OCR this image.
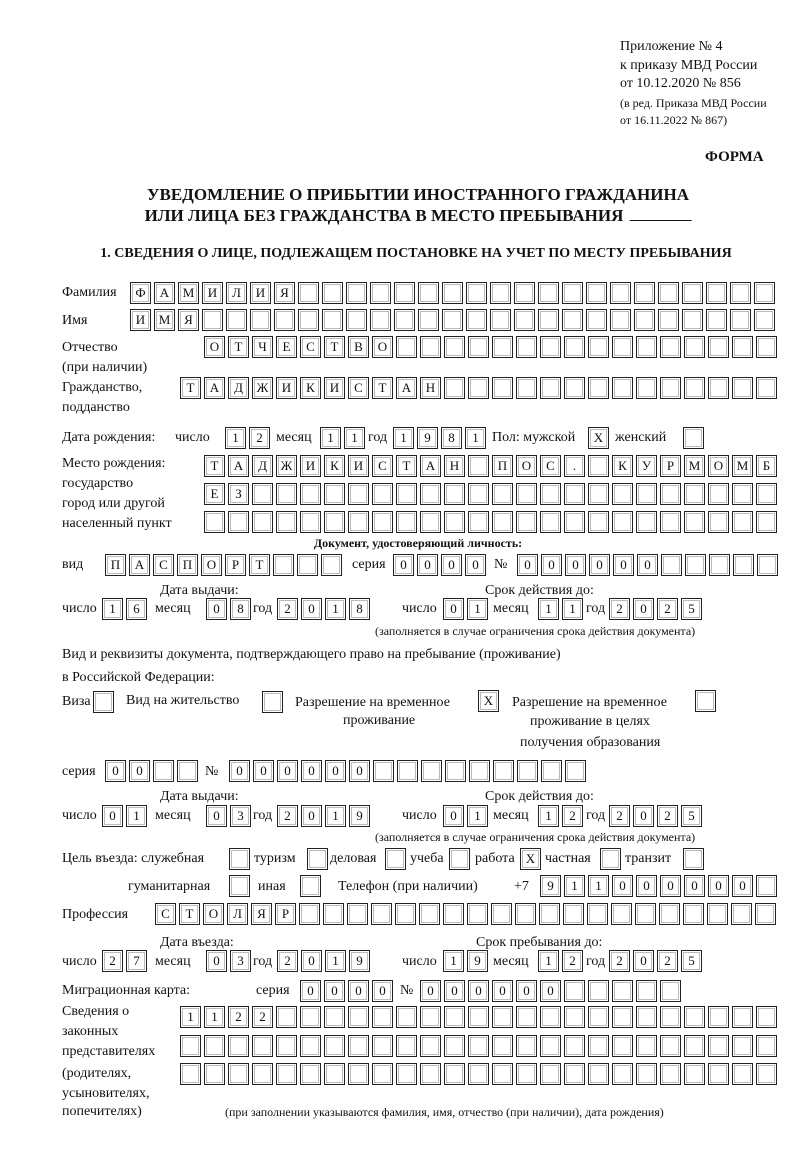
Приложение № 4
к приказу МВД России
от 10.12.2020 № 856
(в ред. Приказа МВД России
от 16.11.2022 № 867)
ФОРМА
УВЕДОМЛЕНИЕ О ПРИБЫТИИ ИНОСТРАННОГО ГРАЖДАНИНА
ИЛИ ЛИЦА БЕЗ ГРАЖДАНСТВА В МЕСТО ПРЕБЫВАНИЯ
1. СВЕДЕНИЯ О ЛИЦЕ, ПОДЛЕЖАЩЕМ ПОСТАНОВКЕ НА УЧЕТ ПО МЕСТУ ПРЕБЫВАНИЯ
Фамилия	Ф	А	М	И	Л	И	Я
Имя	И	М	Я
Отчество
(при наличии)
О	Т	Ч	Е	С	Т	В	О
Гражданство,
подданство
Т	А	Д	Ж	И	К	И	С	Т	А	Н
Дата рождения: число	1	2 месяц	1	1 год	1	9	8	1 Пол: мужской	X женский
Место рождения:
государство
город или другой
населенный пункт
Т	А	Д	Ж	И	К	И	С	Т	А	Н	П	О	С	.	К	У	Р	М	О	М	Б
Е	З
Документ, удостоверяющий личность:
вид	П	А	С	П	О	Р	Т	серия	0	0	0	0	№	0	0	0	0	0	0
Дата выдачи:	Срок действия до:
число 1	6	месяц	0	8 год 2	0	1	8	число	0	1 месяц	1	1 год 2	0	2	5
(заполняется в случае ограничения срока действия документа)
Вид и реквизиты документа, подтверждающего право на пребывание (проживание)
в Российской Федерации:
Виза	Вид на жительство	Разрешение на временное
проживание
X	Разрешение на временное
проживание в целях
получения образования
серия	0	0	№	0	0	0	0	0	0
Дата выдачи:	Срок действия до:
число 0	1	месяц	0	3 год 2	0	1	9	число	0	1 месяц	1	2 год 2	0	2	5
(заполняется в случае ограничения срока действия документа)
Цель въезда: служебная	туризм деловая учеба работа X частная транзит
гуманитарная	иная	Телефон (при наличии)	+7	9	1	1	0	0	0	0	0	0
Профессия	С	Т	О	Л	Я	Р
Дата въезда:	Срок пребывания до:
число 2	7	месяц	0	3 год 2	0	1	9	число	1	9 месяц	1	2 год 2	0	2	5
Миграционная карта:	серия	0	0	0	0	№	0	0	0	0	0	0
Сведения о
законных
представителях
(родителях,
усыновителях,
попечителях)
1	1	2	2
(при заполнении указываются фамилия, имя, отчество (при наличии), дата рождения)
